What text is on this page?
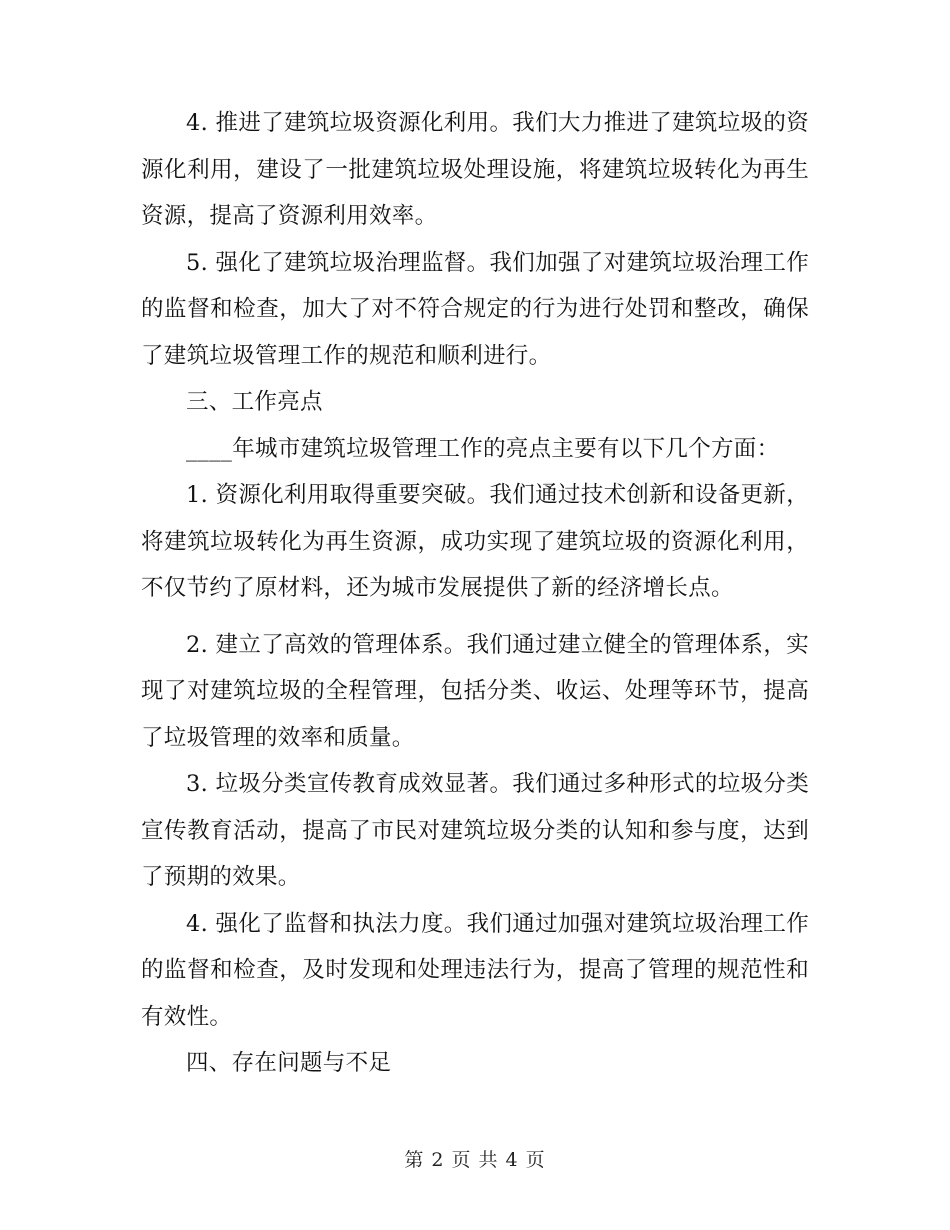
4. 推进了建筑垃圾资源化利用。我们大力推进了建筑垃圾的资源化利用，建设了一批建筑垃圾处理设施，将建筑垃圾转化为再生资源，提高了资源利用效率。

5. 强化了建筑垃圾治理监督。我们加强了对建筑垃圾治理工作的监督和检查，加大了对不符合规定的行为进行处罚和整改，确保了建筑垃圾管理工作的规范和顺利进行。

三、工作亮点

____年城市建筑垃圾管理工作的亮点主要有以下几个方面：

1. 资源化利用取得重要突破。我们通过技术创新和设备更新，将建筑垃圾转化为再生资源，成功实现了建筑垃圾的资源化利用，不仅节约了原材料，还为城市发展提供了新的经济增长点。

2. 建立了高效的管理体系。我们通过建立健全的管理体系，实现了对建筑垃圾的全程管理，包括分类、收运、处理等环节，提高了垃圾管理的效率和质量。

3. 垃圾分类宣传教育成效显著。我们通过多种形式的垃圾分类宣传教育活动，提高了市民对建筑垃圾分类的认知和参与度，达到了预期的效果。

4. 强化了监督和执法力度。我们通过加强对建筑垃圾治理工作的监督和检查，及时发现和处理违法行为，提高了管理的规范性和有效性。

四、存在问题与不足

第 2 页 共 4 页
